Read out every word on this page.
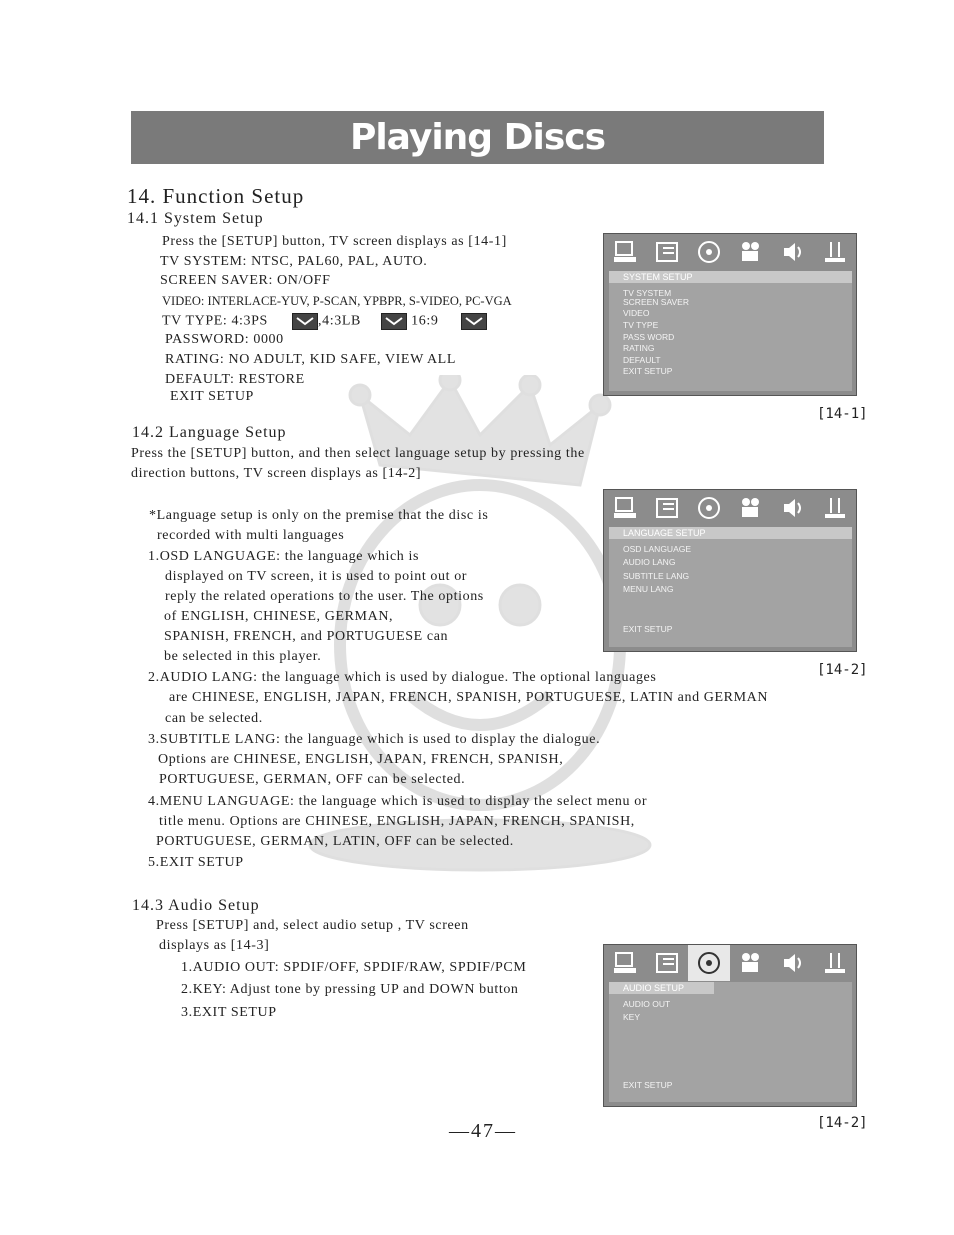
Playing Discs
14. Function Setup
14.1 System Setup
Press the [SETUP] button, TV screen displays as [14-1]
TV SYSTEM: NTSC, PAL60, PAL, AUTO.
SCREEN SAVER: ON/OFF
VIDEO: INTERLACE-YUV, P-SCAN, YPBPR, S-VIDEO, PC-VGA
TV TYPE: 4:3PS	,4:3LB	16:9
PASSWORD: 0000
RATING: NO ADULT, KID SAFE, VIEW ALL
DEFAULT: RESTORE
EXIT SETUP
SYSTEM SETUP
TV SYSTEM
SCREEN SAVER
VIDEO
TV TYPE
PASS WORD
RATING
DEFAULT
EXIT SETUP
[14-1]
14.2 Language Setup
Press the [SETUP] button, and then select language setup by pressing the
direction buttons, TV screen displays as [14-2]
*Language setup is only on the premise that the disc is
recorded with multi languages
1.OSD LANGUAGE: the language which is
displayed on TV screen, it is used to point out or
reply the related operations to the user. The options
of ENGLISH, CHINESE, GERMAN,
SPANISH, FRENCH, and PORTUGUESE can
be selected in this player.
2.AUDIO LANG: the language which is used by dialogue. The optional languages
are CHINESE, ENGLISH, JAPAN, FRENCH, SPANISH, PORTUGUESE, LATIN and GERMAN
can be selected.
3.SUBTITLE LANG: the language which is used to display the dialogue.
Options are CHINESE, ENGLISH, JAPAN, FRENCH, SPANISH,
PORTUGUESE, GERMAN, OFF can be selected.
4.MENU LANGUAGE: the language which is used to display the select menu or
title menu. Options are CHINESE, ENGLISH, JAPAN, FRENCH, SPANISH,
PORTUGUESE, GERMAN, LATIN, OFF can be selected.
5.EXIT SETUP
LANGUAGE SETUP
OSD LANGUAGE
AUDIO LANG
SUBTITLE LANG
MENU LANG
EXIT SETUP
[14-2]
14.3 Audio Setup
Press [SETUP] and, select audio setup , TV screen
displays as [14-3]
1.AUDIO OUT: SPDIF/OFF, SPDIF/RAW, SPDIF/PCM
2.KEY: Adjust tone by pressing UP and DOWN button
3.EXIT SETUP
AUDIO SETUP
AUDIO OUT
KEY
EXIT SETUP
[14-2]
—47—
